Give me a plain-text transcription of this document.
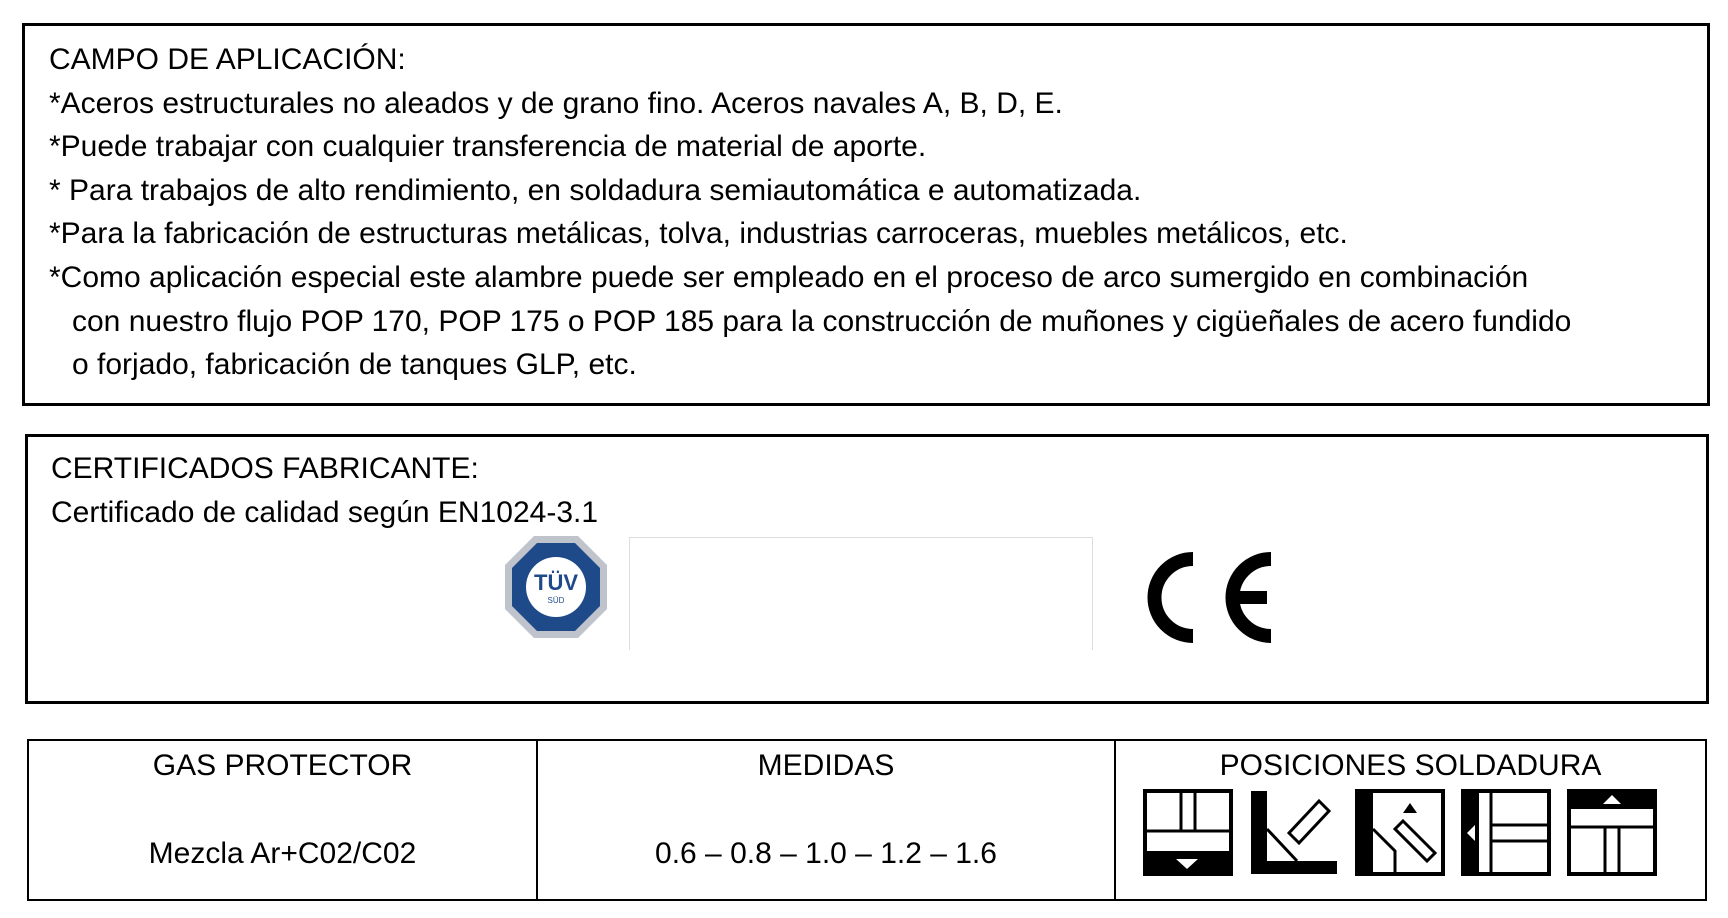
CAMPO DE APLICACIÓN:
*Aceros estructurales no aleados y de grano fino. Aceros navales A, B, D, E.
*Puede trabajar con cualquier transferencia de material de aporte.
* Para trabajos de alto rendimiento, en soldadura semiautomática e automatizada.
*Para la fabricación de estructuras metálicas, tolva, industrias carroceras, muebles metálicos, etc.
*Como aplicación especial este alambre puede ser empleado en el proceso de arco sumergido en combinación
con nuestro flujo POP 170, POP 175 o POP 185 para la construcción de muñones y cigüeñales de acero fundido
o forjado, fabricación de tanques GLP, etc.
CERTIFICADOS FABRICANTE:
Certificado de calidad según EN1024-3.1
TÜV
SÜD
GAS PROTECTOR
Mezcla Ar+C02/C02
MEDIDAS
0.6 – 0.8 – 1.0 – 1.2 – 1.6
POSICIONES SOLDADURA
